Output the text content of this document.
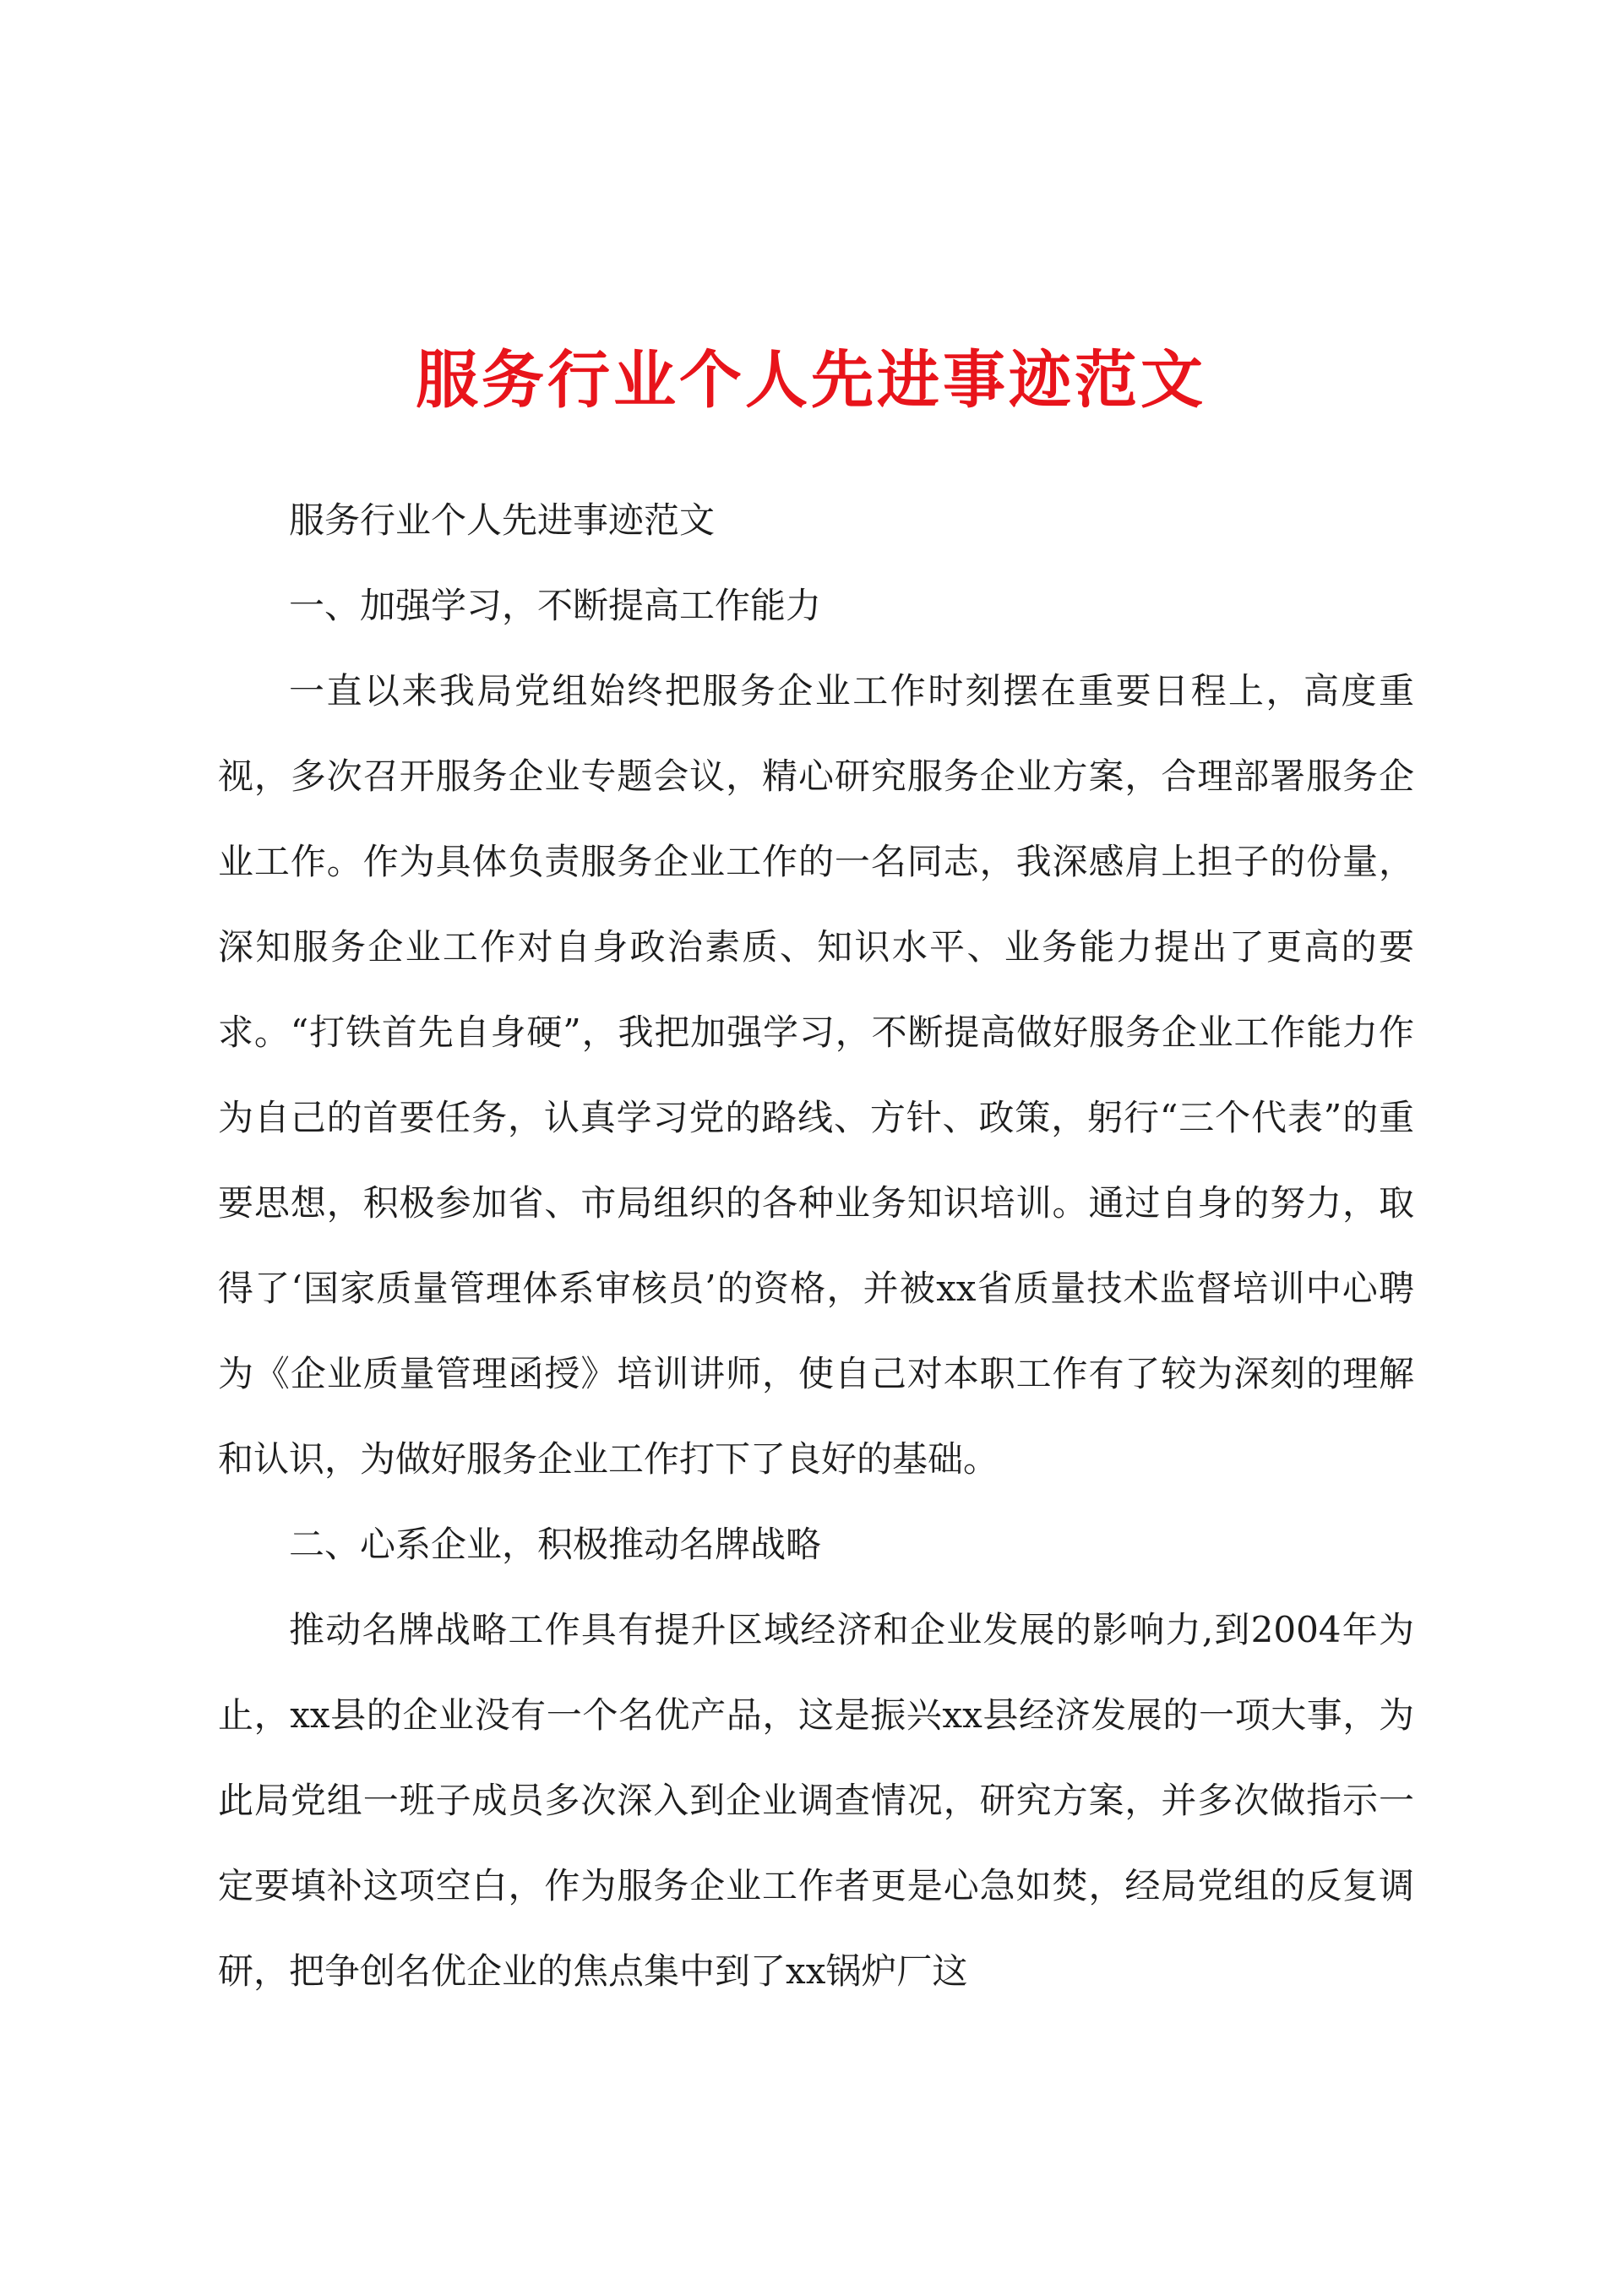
服务行业个人先进事迹范文

服务行业个人先进事迹范文

一、加强学习，不断提高工作能力

一直以来我局党组始终把服务企业工作时刻摆在重要日程上，高度重视，多次召开服务企业专题会议，精心研究服务企业方案，合理部署服务企业工作。作为具体负责服务企业工作的一名同志，我深感肩上担子的份量，深知服务企业工作对自身政治素质、知识水平、业务能力提出了更高的要求。“打铁首先自身硬”，我把加强学习，不断提高做好服务企业工作能力作为自己的首要任务，认真学习党的路线、方针、政策，躬行“三个代表”的重要思想，积极参加省、市局组织的各种业务知识培训。通过自身的努力，取得了‘国家质量管理体系审核员’的资格，并被xx省质量技术监督培训中心聘为《企业质量管理函授》培训讲师，使自己对本职工作有了较为深刻的理解和认识，为做好服务企业工作打下了良好的基础。

二、心系企业，积极推动名牌战略

推动名牌战略工作具有提升区域经济和企业发展的影响力,到2004年为止，xx县的企业没有一个名优产品，这是振兴xx县经济发展的一项大事，为此局党组一班子成员多次深入到企业调查情况，研究方案，并多次做指示一定要填补这项空白，作为服务企业工作者更是心急如焚，经局党组的反复调研，把争创名优企业的焦点集中到了xx锅炉厂这
